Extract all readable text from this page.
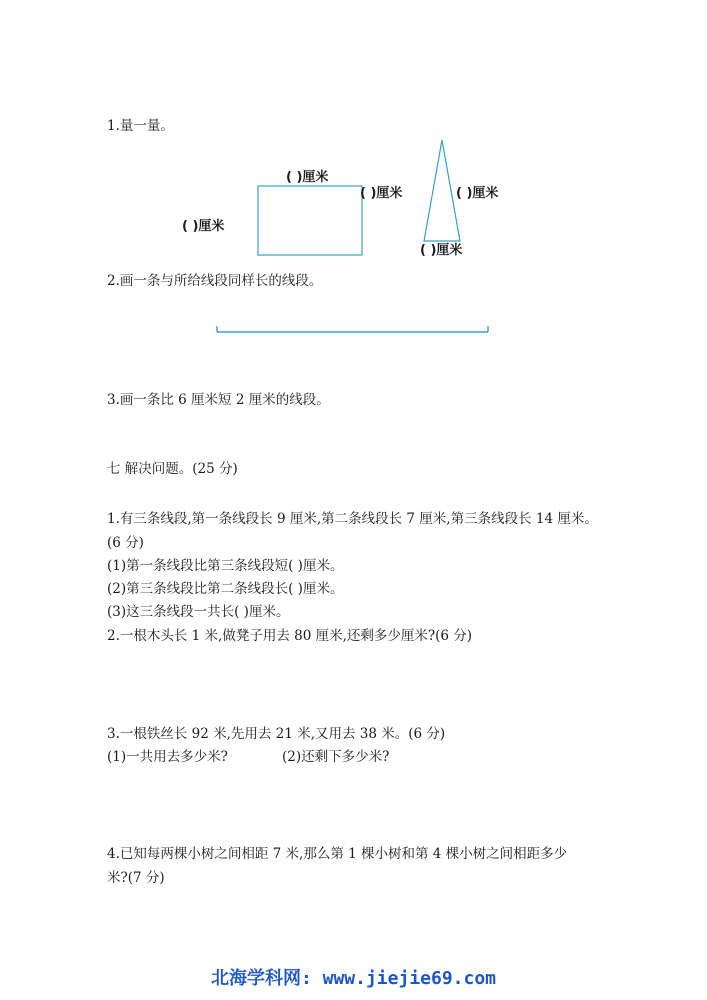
1.量一量。
( )厘米
( )厘米
( )厘米	( )厘米
( )厘米
2.画一条与所给线段同样长的线段。
3.画一条比 6 厘米短 2 厘米的线段。
七 解决问题。(25 分)
1.有三条线段,第一条线段长 9 厘米,第二条线段长 7 厘米,第三条线段长 14 厘米。
(6 分)
(1)第一条线段比第三条线段短( )厘米。
(2)第三条线段比第二条线段长( )厘米。
(3)这三条线段一共长( )厘米。
2.一根木头长 1 米,做凳子用去 80 厘米,还剩多少厘米?(6 分)
3.一根铁丝长 92 米,先用去 21 米,又用去 38 米。(6 分)
(1)一共用去多少米?	(2)还剩下多少米?
4.已知每两棵小树之间相距 7 米,那么第 1 棵小树和第 4 棵小树之间相距多少
米?(7 分)
北海学科网: www.jiejie69.com
